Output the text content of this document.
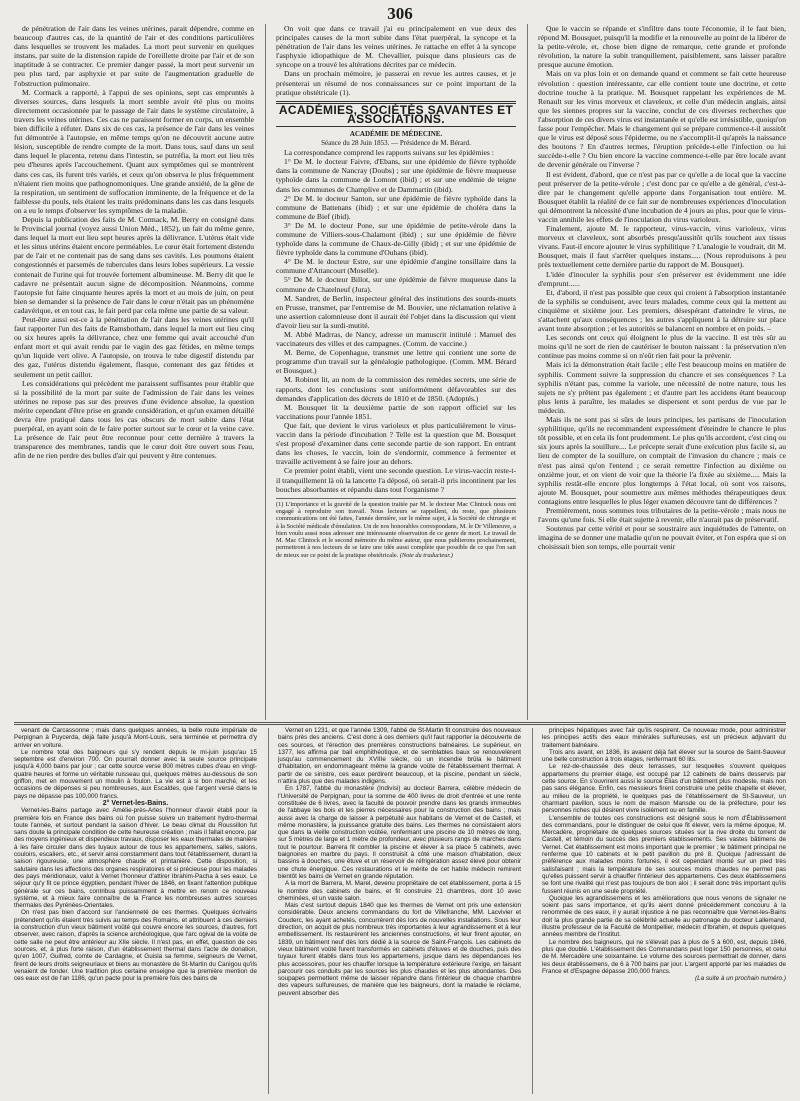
306

de pénétration de l'air dans les veines utérines, parait dépendre, comme en beaucoup d'autres cas, de la quantité de l'air et des conditions particulières dans lesquelles se trouvent les malades. La mort peut survenir en quelques instans, par suite de la distension rapide de l'oreillette droite par l'air et de son inaptitude à se contracter. Ce premier danger passé, la mort peut survenir un peu plus tard, par asphyxie et par suite de l'augmentation graduelle de l'obstruction pulmonaire.

M. Cormack a rapporté, à l'appui de ses opinions, sept cas empruntés à diverses sources, dans lesquels la mort semble avoir été plus ou moins directement occasionnée par le passage de l'air dans le système circulatoire, à travers les veines utérines. Ces cas ne paraissent former en corps, un ensemble bien difficile à réfuter. Dans six de ces cas, la présence de l'air dans les veines fut démontrée à l'autopsie, en même temps qu'on ne découvrit aucune autre lésion, susceptible de rendre compte de la mort. Dans tous, sauf dans un seul dans lequel le placenta, retenu dans l'intestin, se putréfia, la mort eut lieu très peu d'heures après l'accouchement. Quant aux symptômes qui se montrèrent dans ces cas, ils furent très variés, et ceux qu'on observa le plus fréquemment n'étaient rien moins que pathognomoniques. Une grande anxiété, de la gêne de la respiration, un sentiment de suffocation imminente, de la fréquence et de la faiblesse du pouls, tels étaient les traits prédominans dans les cas dans lesquels on a eu le temps d'observer les symptômes de la maladie.

Depuis la publication des faits de M. Cormack, M. Berry en consigné dans le Provincial journal (voyez aussi Union Méd., 1852), un fait du même genre, dans lequel la mort eut lieu sept heures après la délivrance. L'utérus était vide et les sinus utérins étaient encore perméables. Le cœur était fortement distendu par de l'air et ne contenait pas de sang dans ses cavités. Les poumons étaient congestionnés et parsemés de tubercules dans leurs lobes supérieurs. La vessie contenait de l'urine qui fut trouvée fortement albumineuse. M. Berry dit que le cadavre ne présentait aucun signe de décomposition. Néanmoins, comme l'autopsie fut faite cinquante heures après la mort et au mois de juin, on peut bien se demander si la présence de l'air dans le cœur n'était pas un phénomène cadavérique, et en tout cas, le fait perd par cela même une partie de sa valeur.

Peut-être aussi est-ce à la pénétration de l'air dans les veines utérines qu'il faut rapporter l'un des faits de Ramsbotham, dans lequel la mort eut lieu cinq ou six heures après la délivrance, chez une femme qui avait accouché d'un enfant mort et qui avait rendu par le vagin des gaz fétides, en même temps qu'un liquide vert olive. A l'autopsie, on trouva le tube digestif distendu par des gaz, l'utérus distendu également, flasque, contenant des gaz fétides et seulement un petit caillot.

Les considérations qui précèdent me paraissent suffisantes pour établir que si la possibilité de la mort par suite de l'admission de l'air dans les veines utérines ne repose pas sur des preuves d'une évidence absolue, la question mérite cependant d'être prise en grande considération, et qu'un examen détaillé devra être pratiqué dans tous les cas obscurs de mort subite dans l'état puerpéral, en ayant soin de le faire porter surtout sur le cœur et la veine cave. La présence de l'air peut être reconnue pour cette dernière à travers la transparence des membranes, tandis que le cœur doit être ouvert sous l'eau, afin de ne rien perdre des bulles d'air qui peuvent y être contenues.

On voit que dans ce travail j'ai eu principalement en vue deux des principales causes de la mort subite dans l'état puerpéral, la syncope et la pénétration de l'air dans les veines utérines. Je rattache en effet à la syncope l'asphyxie idiopathique de M. Chevallier, puisque dans plusieurs cas de syncope on a trouvé les altérations décrites par ce médecin.

Dans un prochain mémoire, je passerai en revue les autres causes, et je présenterai un résumé de nos connaissances sur ce point important de la pratique obstétricale (1).

ACADÉMIES, SOCIÉTÉS SAVANTES ET ASSOCIATIONS.

ACADÉMIE DE MÉDECINE.

Séance du 28 Juin 1853. — Présidence de M. Bérard.

La correspondance comprend les rapports suivans sur les épidémies :

1° De M. le docteur Faivre, d'Ebans, sur une épidémie de fièvre typhoïde dans la commune de Nancray (Doubs) ; sur une épidémie de fièvre muqueuse typhoïde dans la commune de Lomont (ibid) ; et sur une endémie de teigne dans les communes de Champlive et de Dammartin (ibid).

2° De M. le docteur Santon, sur une épidémie de fièvre typhoïde dans la commune de Battenans (ibid) ; et sur une épidémie de choléra dans la commune de Bief (ibid).

3° De M. le docteur Pone, sur une épidémie de petite-vérole dans la commune de Villiers-sous-Chalamont (ibid) ; sur une épidémie de fièvre typhoïde dans la commune de Chaux-de-Gilly (ibid) ; et sur une épidémie de fièvre typhoïde dans la commune d'Ouhans (ibid).

4° De M. le docteur Estre, sur une épidémie d'angine tonsillaire dans la commune d'Attancourt (Moselle).

5° De M. le docteur Billot, sur une épidémie de fièvre muqueuse dans la commune de Chatelneuf (Jura).

M. Sandret, de Berlin, inspecteur général des institutions des sourds-muets en Prusse, transmet, par l'entremise de M. Bouvier, une réclamation relative à une assertion calomnieuse dont il aurait été l'objet dans la discussion qui vient d'avoir lieu sur la surdi-mutité.

M. Abbé Madrras, de Nancy, adresse un manuscrit intitulé : Manuel des vaccinateurs des villes et des campagnes. (Comm. de vaccine.)

M. Berne, de Copenhague, transmet une lettre qui contient une sorte de programme d'un travail sur la généalogie pathologique. (Comm. MM. Bérard et Bousquet.)

M. Robinet lit, au nom de la commission des remèdes secrets, une série de rapports, dont les conclusions sont uniformément défavorables sur des demandes d'application des décrets de 1810 et de 1850. (Adoptés.)

M. Bousquet lit la deuxième partie de son rapport officiel sur les vaccinations pour l'année 1851.

Que fait, que devient le virus varioleux et plus particulièrement le virus-vaccin dans la période d'incubation ? Telle est la question que M. Bousquet s'est proposé d'examiner dans cette seconde partie de son rapport. En entrant dans les choses, le vaccin, loin de s'endormir, commence à fermenter et travaille activement à se faire jour au dehors.

Ce premier point établi, vient une seconde question. Le virus-vaccin reste-t-il tranquillement là où la lancette l'a déposé, où serait-il pris incontinent par les bouches absorbantes et répandu dans tout l'organisme ?

(1) L'importance et la gravité de la question traitée par M. le docteur Mac Clintock nous ont engagé à reproduire son travail. Nous lecteurs se rappellent, du reste, que plusieurs communications ont été faites, l'année dernière, sur le même sujet, à la Société de chirurgie et à la Société médicale d'émulation. Un de nos honorables correspondans, M. le Dr Villeneuve, a bien voulu aussi nous adresser une intéressante observation de ce genre de mort. Le travail de M. Mac Clintock et le second mémoire du même auteur, que nous publierons prochainement, permettront à nos lecteurs de se faire une idée aussi complète que possible de ce que l'on sait de mieux sur ce point de la pratique obstétricale. (Note du traducteur.)

Que le vaccin se répande et s'infiltre dans toute l'économie, il le faut bien, répond M. Bousquet, puisqu'il la modifie et la renouvelle au point de la libérer de la petite-vérole, et, chose bien digne de remarque, cette grande et profonde révolution, la nature la subit tranquillement, paisiblement, sans laisser paraître presque aucune émotion.

Mais on va plus loin et on demande quand et comment se fait cette heureuse révolution : question intéressante, car elle contient toute une doctrine, et cette doctrine touche à la pratique. M. Bousquet rappelant les expériences de M. Renault sur les virus morveux et claveleux, et celle d'un médecin anglais, ainsi que les siennes propres sur la vaccine, conclut de ces diverses recherches que l'absorption de ces divers virus est instantanée et qu'elle est irrésistible, quoiqu'on fasse pour l'empêcher. Mais le changement qui se prépare commence-t-il aussitôt que le virus est déposé sous l'épiderme, ou ne s'accomplit-il qu'après la naissance des boutons ? En d'autres termes, l'éruption précède-t-elle l'infection ou lui succède-t-elle ? Ou bien encore la vaccine commence-t-elle par être locale avant de devenir générale ou l'inverse ?

Il est évident, d'abord, que ce n'est pas par ce qu'elle a de local que la vaccine peut préserver de la petite-vérole ; c'est donc par ce qu'elle a de général, c'est-à-dire par le changement qu'elle apporte dans l'organisation tout entière. M. Bousquet établit la réalité de ce fait sur de nombreuses expériences d'inoculation qui démontrent la nécessité d'une incubation de 4 jours au plus, pour que le virus-vaccin annihile les effets de l'inoculation du virus varioleux.

Finalement, ajoute M. le rapporteur, virus-vaccin, virus varioleux, virus morveux et claveleux, sont absorbés presqu'aussitôt qu'ils touchent aux tissus vivans. Faut-il encore ajouter le virus syphilitique ? L'analogie le voudrait, dit M. Bousquet, mais il faut s'arrêter quelques instans..... (Nous reproduisons à peu près textuellement cette dernière partie du rapport de M. Bousquet).

L'idée d'inoculer la syphilis pour s'en préserver est évidemment une idée d'emprunt......

Et, d'abord, il n'est pas possible que ceux qui croient à l'absorption instantanée de la syphilis se conduisent, avec leurs malades, comme ceux qui la mettent au cinquième et sixième jour. Les premiers, désespérant d'atteindre le virus, ne s'attachent qu'aux conséquences ; les autres s'appliquent à la détruire sur place avant toute absorption ; et les autorités se balancent en nombre et en poids. –

Les seconds ont ceux qui éloignent le plus de la vaccine. Il est très sûr au moins qu'il ne sort de rien de cautériser le bouton naissant : la préservation n'en continue pas moins comme si on n'eût rien fait pour la prévenir.

Mais ici la démonstration était facile ; elle l'est beaucoup moins en matière de syphilis. Comment suivre la suppression du chancre et ses conséquences ? La syphilis n'étant pas, comme la variole, une nécessité de notre nature, tous les sujets ne s'y prêtent pas également ; et d'autre part les accidens étant beaucoup plus lents à paraître, les malades se dispersent et sont perdus de vue par le médecin.

Mais ils ne sont pas si sûrs de leurs principes, les partisans de l'inoculation syphilitique, qu'ils ne recommandent expressément d'éteindre le chancre le plus tôt possible, et en cela ils font prudemment. Le plus qu'ils accordent, c'est cinq ou six jours après la souillure.... Le précepte serait d'une exécution plus facile si, au lieu de compter de la souillure, on comptait de l'invasion du chancre ; mais ce n'est pas ainsi qu'on l'entend ; ce serait remettre l'infection au dixième ou onzième jour, et on vient de voir que la théorie l'a fixée au sixième..... Mais la syphilis restât-elle encore plus longtemps à l'état local, où sont vos raisons, ajoute M. Bousquet, pour soumettre aux mêmes méthodes thérapeutiques deux contagions entre lesquelles le plus léger examen découvre tant de différences ?

Premièrement, nous sommes tous tributaires de la petite-vérole ; mais nous ne l'avons qu'une fois. Si elle était sujette à revenir, elle n'aurait pas de préservatif.

Soutenus par cette vérité et pour se soustraire aux inquiétudes de l'attente, on imagina de se donner une maladie qu'on ne pouvait éviter, et l'on espéra que si on choisissait bien son temps, elle pourrait venir

venant de Carcassonne ; mais dans quelques années, la belle route impériale de Perpignan à Puycerda, déjà faite jusqu'à Mont-Louis, sera terminée et permettra d'y arriver en voiture.

Le nombre total des baigneurs qui s'y rendent depuis le mi-juin jusqu'au 15 septembre est d'environ 700. On pourrait donner avec la seule source principale jusqu'à 4,000 bains par jour ; car cette source verse 800 mètres cubes d'eau en vingt-quatre heures et forme un véritable ruisseau qui, quelques mètres au-dessous de son griffon, met en mouvement un moulin à foulon. La vie est à si bon marché, et les occasions de dépenses si peu nombreuses, aux Escaldes, que l'argent versé dans le pays ne dépasse pas 100,000 francs.

2° Vernet-les-Bains.

Vernet-les-Bains partage avec Amélie-près-Arles l'honneur d'avoir établi pour la première fois en France des bains où l'on puisse suivre un traitement hydro-thermal toute l'année, et surtout pendant la saison d'hiver. Le beau climat du Roussillon fut sans doute la principale condition de cette heureuse création ; mais il fallait encore, par des moyens ingénieux et dispendieux travaux, disposer les eaux thermales de manière à les faire circuler dans des tuyaux autour de tous les appartemens, salles, salons, couloirs, escaliers, etc., et servir ainsi constamment dans tout l'établissement, durant la saison rigoureuse, une atmosphère chaude et printanière. Cette disposition, si salutaire dans les affections des organes respiratoires et si précieuse pour les malades des pays méridionaux, valut à Vernet l'honneur d'attirer Ibrahim-Pacha à ses eaux. Le séjour qu'y fit ce prince égyptien, pendant l'hiver de 1846, en fixant l'attention publique générale sur ces bains, contribua puissamment à mettre en renom ce nouveau système, et à mieux faire connaître de la France les nombreuses autres sources thermales des Pyrénées-Orientales.

On n'est pas bien d'accord sur l'ancienneté de ces thermes. Quelques écrivains prétendent qu'ils étaient très suivis au temps des Romains, et attribuent à ces derniers la construction d'un vieux bâtiment voûté qui couvre encore les sources, d'autres, fort observer, avec raison, d'après la science archéologique, que l'arc ogival de la voûte de cette salle ne peut être antérieur au XIIe siècle. Il n'est pas, en effet, question de ces sources, et, à plus forte raison, d'un établissement thermal dans l'acte de donation, qu'en 1007, Guifred, comte de Cardagne, et Guisla sa femme, seigneurs de Vernet, firent de leurs droits seigneuriaux et biens au monastère de St-Martin du Canigou qu'ils venaient de fonder. Une tradition plus certaine enseigne que la première mention de ces eaux est de l'an 1186, qu'un pacte pour la première fois des bains de

Vernet en 1231, et que l'année 1309, l'abbé de St-Martin fit construire des nouveaux bains près des anciens. C'est donc à ces derniers qu'il faut rapporter la découverte de ces sources, et l'érection des premières constructions balnéaires. Le supérieur, en 1377, les affirma par bail emphithéotique, et de semblables baux se renouvelèrent jusqu'au commencement du XVIIIe siècle, où un incendie brûla le bâtiment d'habitation, en endommageant même la grande voûte de l'établissement thermal. A partir de ce sinistre, ces eaux perdirent beaucoup, et la piscine, pendant un siècle, n'attira plus que des malades indigens.

En 1787, l'abbé du monastère (Indivisi) au docteur Barrera, célèbre médecin de l'Université de Perpignan, pour la somme de 400 livres de droit d'entrée et une rente constituée de 6 livres, avec la faculté de pouvoir prendre dans les grands immeubles de l'abbaye les bois et les pierres nécessaires pour la construction des bains ; mais aussi avec la charge de laisser à perpétuité aux habitans de Vernet et de Castell, et même monastère, la jouissance gratuite des bains. Les thermes ne consistaient alors que dans la vieille construction voûtée, renfermant une piscine de 10 mètres de long, sur 5 mètres de large et 1 mètre de profondeur, avec plusieurs rangs de marches dans tout le pourtour. Barrera fit combler la piscine et élever à sa place 5 cabinets, avec baignoires en marbre du pays. Il construisit à côté une maison d'habitation, deux bassins à douches, une étuve et un réservoir de réfrigération assez élevé pour obtenir une chute énergique. Ces restaurations et le mérite de cet habile médecin remirent bientôt les bains de Vernet en grande réputation.

A la mort de Barrera, M. Marel, devenu propriétaire de cet établissement, porta à 15 le nombre des cabinets de bains, et fit construire 21 chambres, dont 10 avec cheminées, et un vaste salon.

Mais c'est surtout depuis 1840 que les thermes de Vernet ont pris une extension considérable. Deux anciens commandans du fort de Villefranche, MM. Lacvivier et Couderc, les ayant achetés, concurrèrent dès lors de nouvelles installations. Sous leur direction, on acquit de plus nombreux très importantes à leur agrandissement et à leur embellissement. Ils restaurèrent les anciennes constructions, et leur firent ajouter, en 1839, un bâtiment neuf dès lors dédié à la source de Saint-François. Les cabinets de vieux bâtiment voûté furent transformés en cabinets d'étuves et de douches, puis des tuyaux furent établis dans tous les appartemens, jusque dans les dépendances les plus accessoires, pour les chauffer lorsque la température extérieure l'exige, en faisant parcourir ces conduits par les sources les plus chaudes et les plus abondantes. Des soupapes permettent même de laisser répandre dans l'intérieur de chaque chambre des vapeurs sulfureuses, de manière que les baigneurs, dont la maladie le réclame, peuvent absorber des

principes hépatiques avec l'air qu'ils respirent. Ce nouveau mode, pour administrer les principes actifs des eaux minérales sulfureuses, est un précieux adjuvant du traitement balnéaire.

Trois ans avant, en 1836, ils avaient déjà fait élever sur la source de Saint-Sauveur une belle construction à trois étages, renfermant 60 lits.

Le rez-de-chaussée des deux terrasses, sur lesquelles s'ouvrent quelques appartemens du premier étage, est occupé par 12 cabinets de bains desservis par cette source. En s'ouvrirent aussi le source Élias d'un bâtiment plus modeste, mais non pas sans élégance. Enfin, ces messieurs firent construire une petite chapelle et élever, au milieu de la propriété, le quelques pas de l'établissement de St-Sauveur, un charmant pavillon, sous le nom de maison Mansde ou de la préfecture, pour les personnes riches qui désirent vivre isolément ou en famille.

L'ensemble de toutes ces constructions est désigné sous le nom d'Établissement des commandans, pour le distinguer de celui que fit élever, vers la même époque, M. Mercadère, propriétaire de quelques sources situées sur la rive droite du torrent de Castell, et témoin du succès des premiers établissements. Ses vastes bâtimens de Vernet. Cet établissement est moins important que le premier ; le bâtiment principal ne renferme que 10 cabinets et le petit pavillon du pré 8. Quoique j'adressant de préférence aux malades moins fortunés, il est cependant monté sur un pied très satisfaisant ; mais la température de ses sources moins chaudes ne permet pas qu'elles puissent servir à chauffer l'intérieur des appartemens. Ces deux établissemens se font une rivalité qui n'est pas toujours de bon aloi ; il serait donc très important qu'ils fussent réunis en une seule propriété.

Quoique les agrandissemens et les améliorations que nous venons de signaler ne soient pas sans importance, et qu'ils aient donné précédemment concouru à la renommée de ces eaux, il y aurait injustice à ne pas reconnaître que Vernet-les-Bains doit la plus grande partie de sa célébrité actuelle au patronage du docteur Lallemand, illustre professeur de la Faculté de Montpellier, médecin d'Ibrahim, et depuis quelques années membre de l'Institut.

Le nombre des baigneurs, qui ne s'élevait pas à plus de 5 à 600, est, depuis 1846, plus que doublé. L'établissement des Commandans peut loger 150 personnes, et celui de M. Mercadère une soixantaine. Le volume des sources permettrait de donner, dans les deux établissemens, de 6 à 700 bains par jour. L'argent apporté par les malades de France et d'Espagne dépasse 200,000 francs.

(La suite à un prochain numéro.)
